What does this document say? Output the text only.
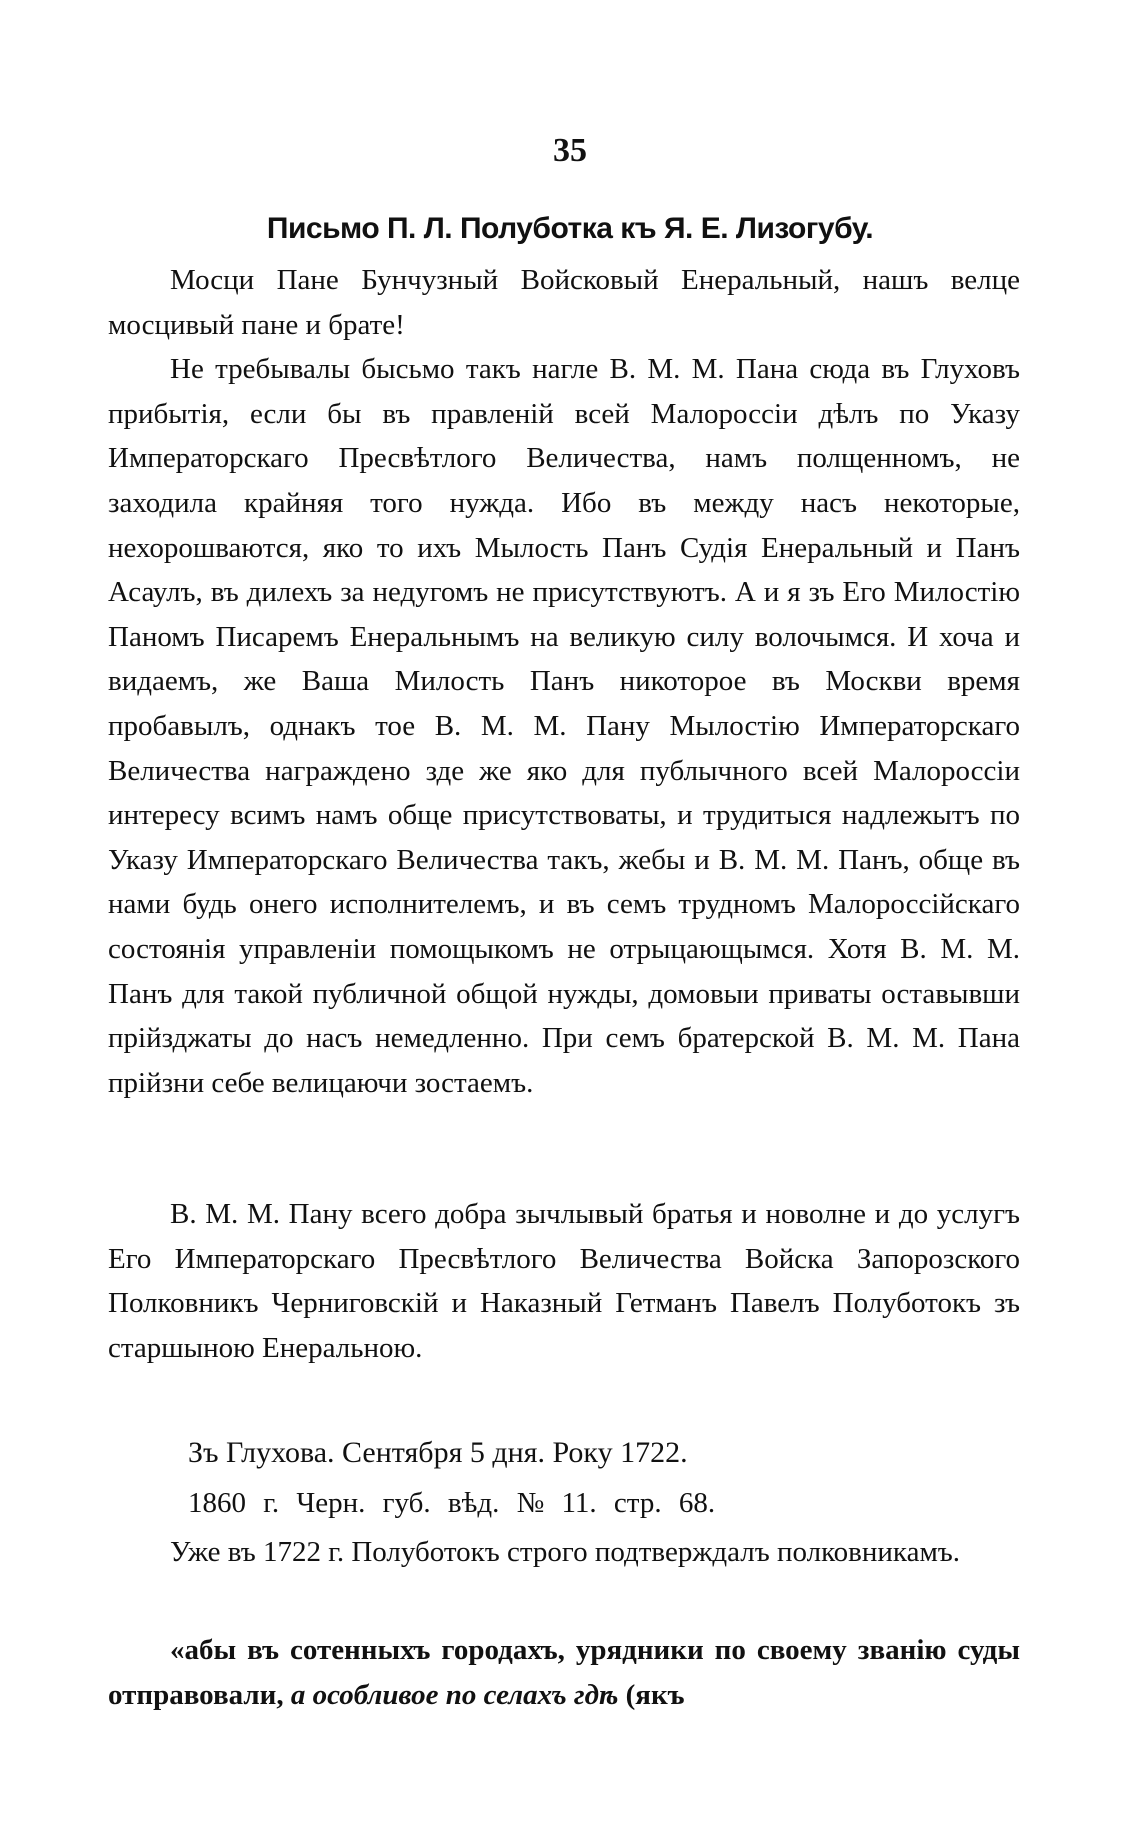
35
Письмо П. Л. Полуботка къ Я. Е. Лизогубу.

Мосци Пане Бунчузный Войсковый Енеральный, нашъ велце мосцивый пане и брате!

Не требывалы бысьмо такъ нагле В. М. М. Пана сюда въ Глуховъ прибытія, если бы въ правленій всей Малороссіи дѣлъ по Указу Императорскаго Пресвѣтлого Величества, намъ полщенномъ, не заходила крайняя того нужда. Ибо въ между насъ некоторые, нехорошваются, яко то ихъ Мылость Панъ Судія Енеральный и Панъ Асаулъ, въ дилехъ за недугомъ не присутствуютъ. А и я зъ Его Милостію Паномъ Писаремъ Енеральнымъ на великую силу волочымся. И хоча и видаемъ, же Ваша Милость Панъ никоторое въ Москви время пробавылъ, однакъ тое В. М. М. Пану Мылостію Императорскаго Величества награждено зде же яко для публычного всей Малороссіи интересу всимъ намъ обще присутствоваты, и трудитыся надлежытъ по Указу Императорскаго Величества такъ, жебы и В. М. М. Панъ, обще въ нами будь онего исполнителемъ, и въ семъ трудномъ Малороссійскаго состоянія управленіи помощыкомъ не отрыцающымся. Хотя В. М. М. Панъ для такой публичной общой нужды, домовыи приваты оставывши прійзджаты до насъ немедленно. При семъ братерской В. М. М. Пана прійзни себе велицаючи зостаемъ.

В. М. М. Пану всего добра зычлывый братья и новолне и до услугъ Его Императорскаго Пресвѣтлого Величества Войска Запорозского Полковникъ Черниговскій и Наказный Гетманъ Павелъ Полуботокъ зъ старшыною Енеральною.

Зъ Глухова. Сентября 5 дня. Року 1722.
1860 г. Черн. губ. вѣд. № 11. стр. 68.

Уже въ 1722 г. Полуботокъ строго подтверждалъ полковникамъ.

«абы въ сотенныхъ городахъ, урядники по своему званію суды отправовали, а особливое по селахъ гдѣ (якъ
